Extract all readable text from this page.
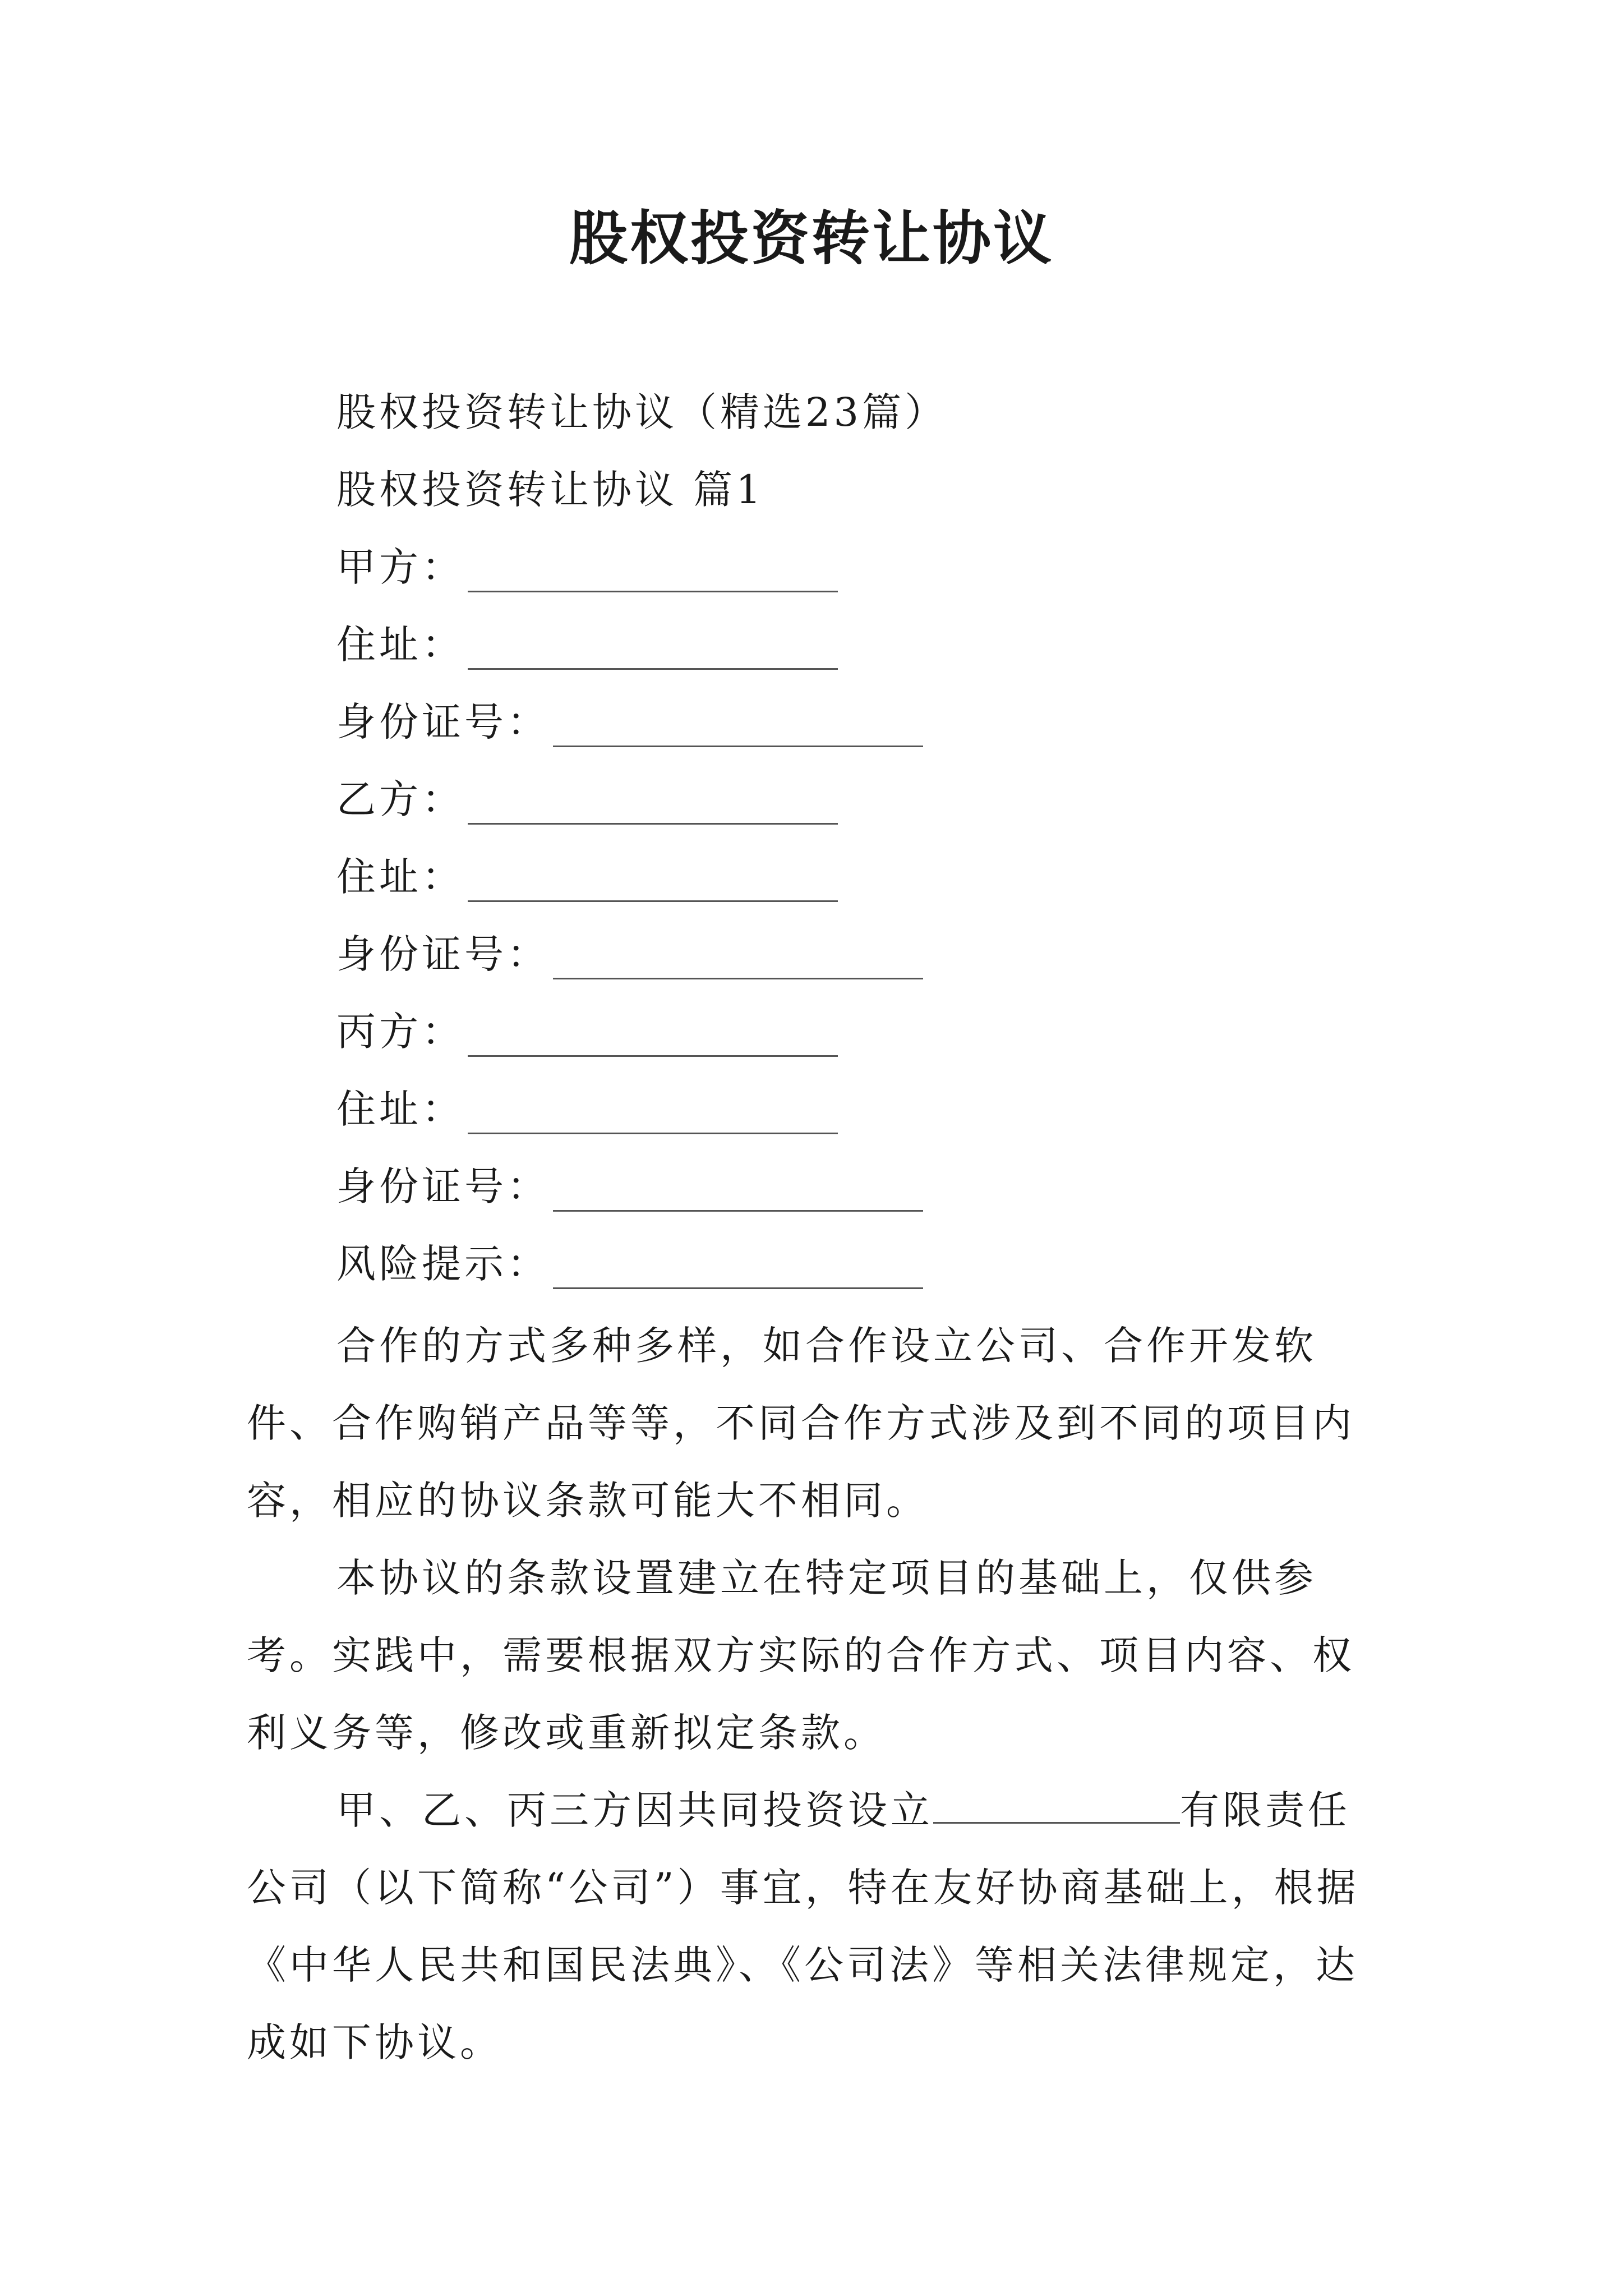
股权投资转让协议
股权投资转让协议（精选23篇）
股权投资转让协议 篇1
甲方：
住址：
身份证号：
乙方：
住址：
身份证号：
丙方：
住址：
身份证号：
风险提示：
合作的方式多种多样，如合作设立公司、合作开发软件、合作购销产品等等，不同合作方式涉及到不同的项目内容，相应的协议条款可能大不相同。
本协议的条款设置建立在特定项目的基础上，仅供参考。实践中，需要根据双方实际的合作方式、项目内容、权利义务等，修改或重新拟定条款。
甲、乙、丙三方因共同投资设立	有限责任公司（以下简称“公司”）事宜，特在友好协商基础上，根据《中华人民共和国民法典》、《公司法》等相关法律规定，达成如下协议。
